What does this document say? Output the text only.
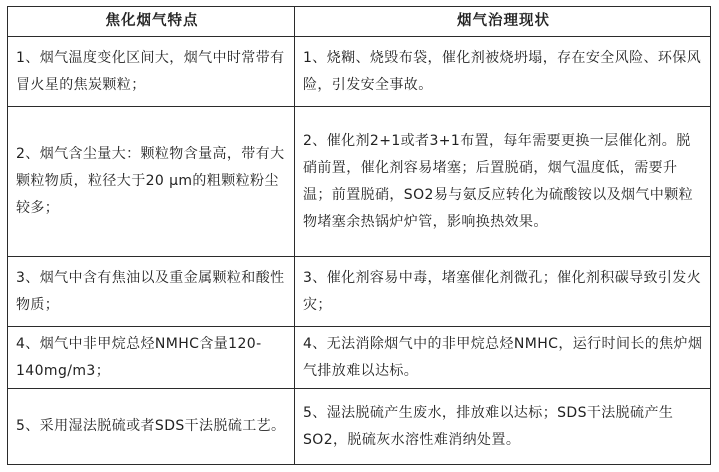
焦化烟气特点	烟气治理现状
1、烟气温度变化区间大，烟气中时常带有冒火星的焦炭颗粒；	1、烧糊、烧毁布袋，催化剂被烧坍塌，存在安全风险、环保风险，引发安全事故。
2、烟气含尘量大：颗粒物含量高，带有大颗粒物质，粒径大于20 μm的粗颗粒粉尘较多；	2、催化剂2+1或者3+1布置，每年需要更换一层催化剂。脱硝前置，催化剂容易堵塞；后置脱硝，烟气温度低，需要升温；前置脱硝，SO2易与氨反应转化为硫酸铵以及烟气中颗粒物堵塞余热锅炉炉管，影响换热效果。
3、烟气中含有焦油以及重金属颗粒和酸性物质；	3、催化剂容易中毒，堵塞催化剂微孔；催化剂积碳导致引发火灾；
4、烟气中非甲烷总烃NMHC含量120-140mg/m3；	4、无法消除烟气中的非甲烷总烃NMHC，运行时间长的焦炉烟气排放难以达标。
5、采用湿法脱硫或者SDS干法脱硫工艺。	5、湿法脱硫产生废水，排放难以达标；SDS干法脱硫产生SO2，脱硫灰水溶性难消纳处置。
